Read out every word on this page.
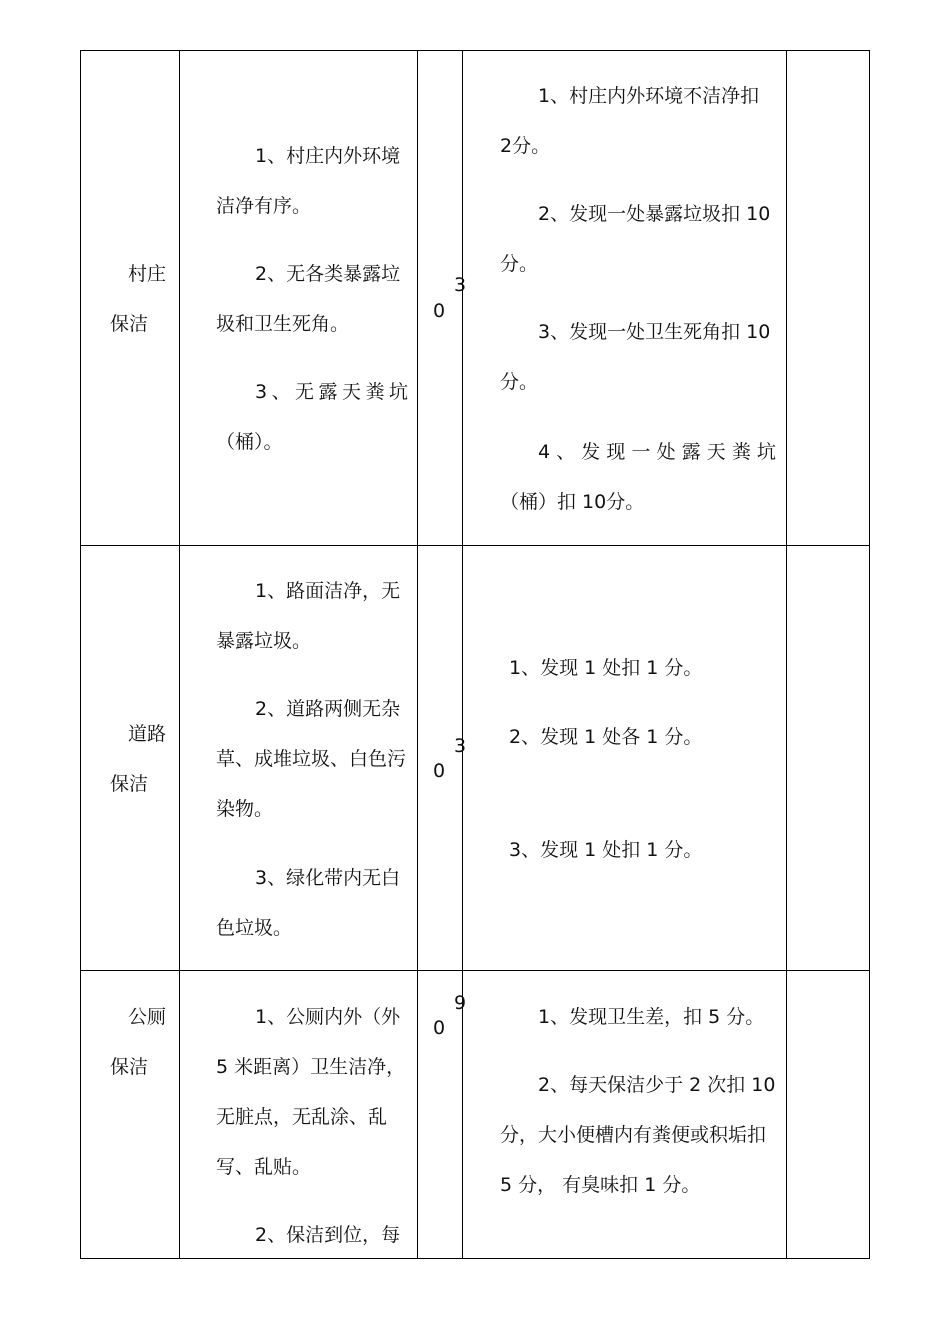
村庄
保洁
3
0
1、村庄内外环境
洁净有序。
2、无各类暴露垃
圾和卫生死角。
3、无露天粪坑
（桶）。
1、村庄内外环境不洁净扣
2分。
2、发现一处暴露垃圾扣 10
分。
3、发现一处卫生死角扣 10
分。
4、发现一处露天粪坑
（桶）扣 10分。
道路
保洁
3
0
1、路面洁净，无
暴露垃圾。
2、道路两侧无杂
草、成堆垃圾、白色污
染物。
3、绿化带内无白
色垃圾。
1、发现 1 处扣 1 分。
2、发现 1 处各 1 分。
3、发现 1 处扣 1 分。
公厕
保洁
9
0
1、公厕内外（外
5 米距离）卫生洁净，
无脏点，无乱涂、乱
写、乱贴。
2、保洁到位，每
1、发现卫生差，扣 5 分。
2、每天保洁少于 2 次扣 10
分，大小便槽内有粪便或积垢扣
5 分， 有臭味扣 1 分。
